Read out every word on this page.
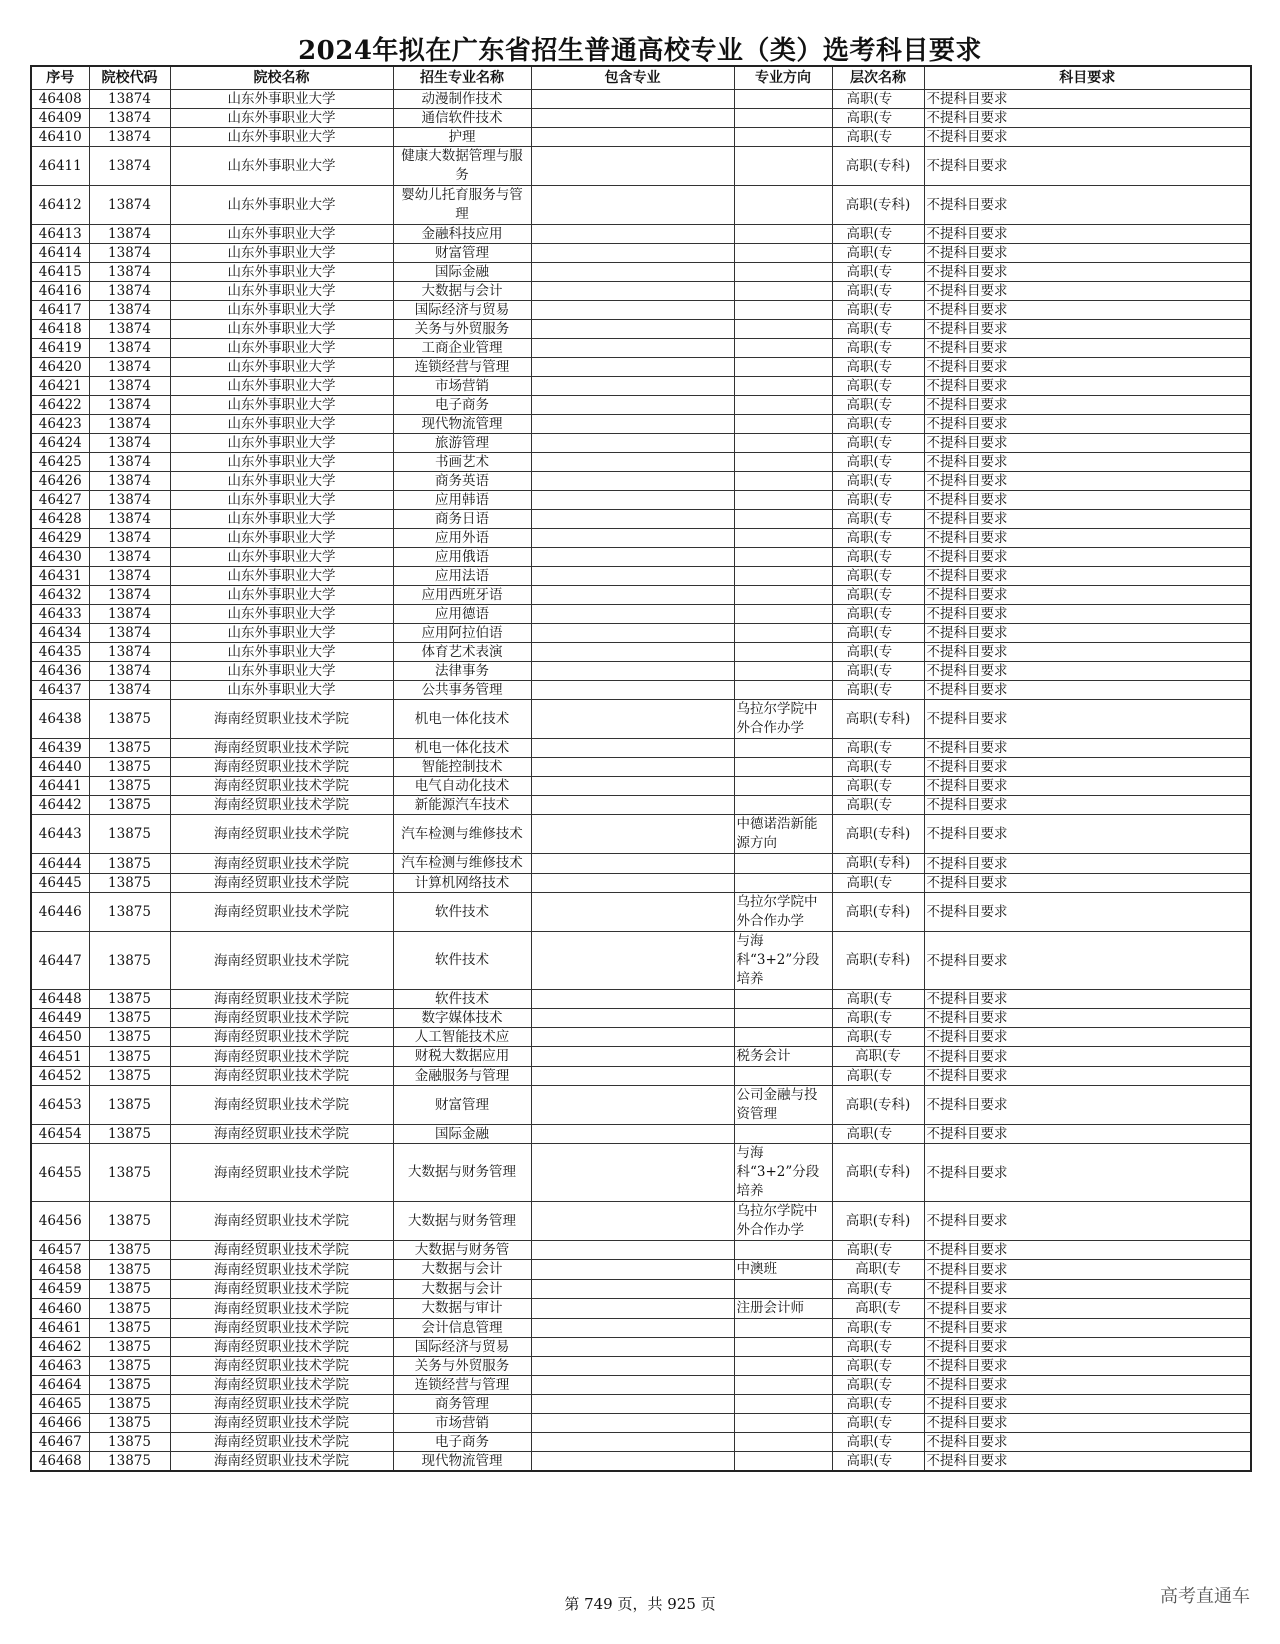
2024年拟在广东省招生普通高校专业（类）选考科目要求
序号	院校代码	院校名称	招生专业名称	包含专业	专业方向	层次名称	科目要求
46408	13874	山东外事职业大学	动漫制作技术			高职(专	不提科目要求
46409	13874	山东外事职业大学	通信软件技术			高职(专	不提科目要求
46410	13874	山东外事职业大学	护理			高职(专	不提科目要求
46411	13874	山东外事职业大学	健康大数据管理与服务			高职(专科)	不提科目要求
46412	13874	山东外事职业大学	婴幼儿托育服务与管理			高职(专科)	不提科目要求
46413	13874	山东外事职业大学	金融科技应用			高职(专	不提科目要求
46414	13874	山东外事职业大学	财富管理			高职(专	不提科目要求
46415	13874	山东外事职业大学	国际金融			高职(专	不提科目要求
46416	13874	山东外事职业大学	大数据与会计			高职(专	不提科目要求
46417	13874	山东外事职业大学	国际经济与贸易			高职(专	不提科目要求
46418	13874	山东外事职业大学	关务与外贸服务			高职(专	不提科目要求
46419	13874	山东外事职业大学	工商企业管理			高职(专	不提科目要求
46420	13874	山东外事职业大学	连锁经营与管理			高职(专	不提科目要求
46421	13874	山东外事职业大学	市场营销			高职(专	不提科目要求
46422	13874	山东外事职业大学	电子商务			高职(专	不提科目要求
46423	13874	山东外事职业大学	现代物流管理			高职(专	不提科目要求
46424	13874	山东外事职业大学	旅游管理			高职(专	不提科目要求
46425	13874	山东外事职业大学	书画艺术			高职(专	不提科目要求
46426	13874	山东外事职业大学	商务英语			高职(专	不提科目要求
46427	13874	山东外事职业大学	应用韩语			高职(专	不提科目要求
46428	13874	山东外事职业大学	商务日语			高职(专	不提科目要求
46429	13874	山东外事职业大学	应用外语			高职(专	不提科目要求
46430	13874	山东外事职业大学	应用俄语			高职(专	不提科目要求
46431	13874	山东外事职业大学	应用法语			高职(专	不提科目要求
46432	13874	山东外事职业大学	应用西班牙语			高职(专	不提科目要求
46433	13874	山东外事职业大学	应用德语			高职(专	不提科目要求
46434	13874	山东外事职业大学	应用阿拉伯语			高职(专	不提科目要求
46435	13874	山东外事职业大学	体育艺术表演			高职(专	不提科目要求
46436	13874	山东外事职业大学	法律事务			高职(专	不提科目要求
46437	13874	山东外事职业大学	公共事务管理			高职(专	不提科目要求
46438	13875	海南经贸职业技术学院	机电一体化技术		乌拉尔学院中外合作办学	高职(专科)	不提科目要求
46439	13875	海南经贸职业技术学院	机电一体化技术			高职(专	不提科目要求
46440	13875	海南经贸职业技术学院	智能控制技术			高职(专	不提科目要求
46441	13875	海南经贸职业技术学院	电气自动化技术			高职(专	不提科目要求
46442	13875	海南经贸职业技术学院	新能源汽车技术			高职(专	不提科目要求
46443	13875	海南经贸职业技术学院	汽车检测与维修技术		中德诺浩新能源方向	高职(专科)	不提科目要求
46444	13875	海南经贸职业技术学院	汽车检测与维修技术			高职(专科)	不提科目要求
46445	13875	海南经贸职业技术学院	计算机网络技术			高职(专	不提科目要求
46446	13875	海南经贸职业技术学院	软件技术		乌拉尔学院中外合作办学	高职(专科)	不提科目要求
46447	13875	海南经贸职业技术学院	软件技术		与海科“3+2”分段培养	高职(专科)	不提科目要求
46448	13875	海南经贸职业技术学院	软件技术			高职(专	不提科目要求
46449	13875	海南经贸职业技术学院	数字媒体技术			高职(专	不提科目要求
46450	13875	海南经贸职业技术学院	人工智能技术应			高职(专	不提科目要求
46451	13875	海南经贸职业技术学院	财税大数据应用		税务会计	高职(专	不提科目要求
46452	13875	海南经贸职业技术学院	金融服务与管理			高职(专	不提科目要求
46453	13875	海南经贸职业技术学院	财富管理		公司金融与投资管理	高职(专科)	不提科目要求
46454	13875	海南经贸职业技术学院	国际金融			高职(专	不提科目要求
46455	13875	海南经贸职业技术学院	大数据与财务管理		与海科“3+2”分段培养	高职(专科)	不提科目要求
46456	13875	海南经贸职业技术学院	大数据与财务管理		乌拉尔学院中外合作办学	高职(专科)	不提科目要求
46457	13875	海南经贸职业技术学院	大数据与财务管			高职(专	不提科目要求
46458	13875	海南经贸职业技术学院	大数据与会计		中澳班	高职(专	不提科目要求
46459	13875	海南经贸职业技术学院	大数据与会计			高职(专	不提科目要求
46460	13875	海南经贸职业技术学院	大数据与审计		注册会计师	高职(专	不提科目要求
46461	13875	海南经贸职业技术学院	会计信息管理			高职(专	不提科目要求
46462	13875	海南经贸职业技术学院	国际经济与贸易			高职(专	不提科目要求
46463	13875	海南经贸职业技术学院	关务与外贸服务			高职(专	不提科目要求
46464	13875	海南经贸职业技术学院	连锁经营与管理			高职(专	不提科目要求
46465	13875	海南经贸职业技术学院	商务管理			高职(专	不提科目要求
46466	13875	海南经贸职业技术学院	市场营销			高职(专	不提科目要求
46467	13875	海南经贸职业技术学院	电子商务			高职(专	不提科目要求
46468	13875	海南经贸职业技术学院	现代物流管理			高职(专	不提科目要求
第 749 页，共 925 页	高考直通车
